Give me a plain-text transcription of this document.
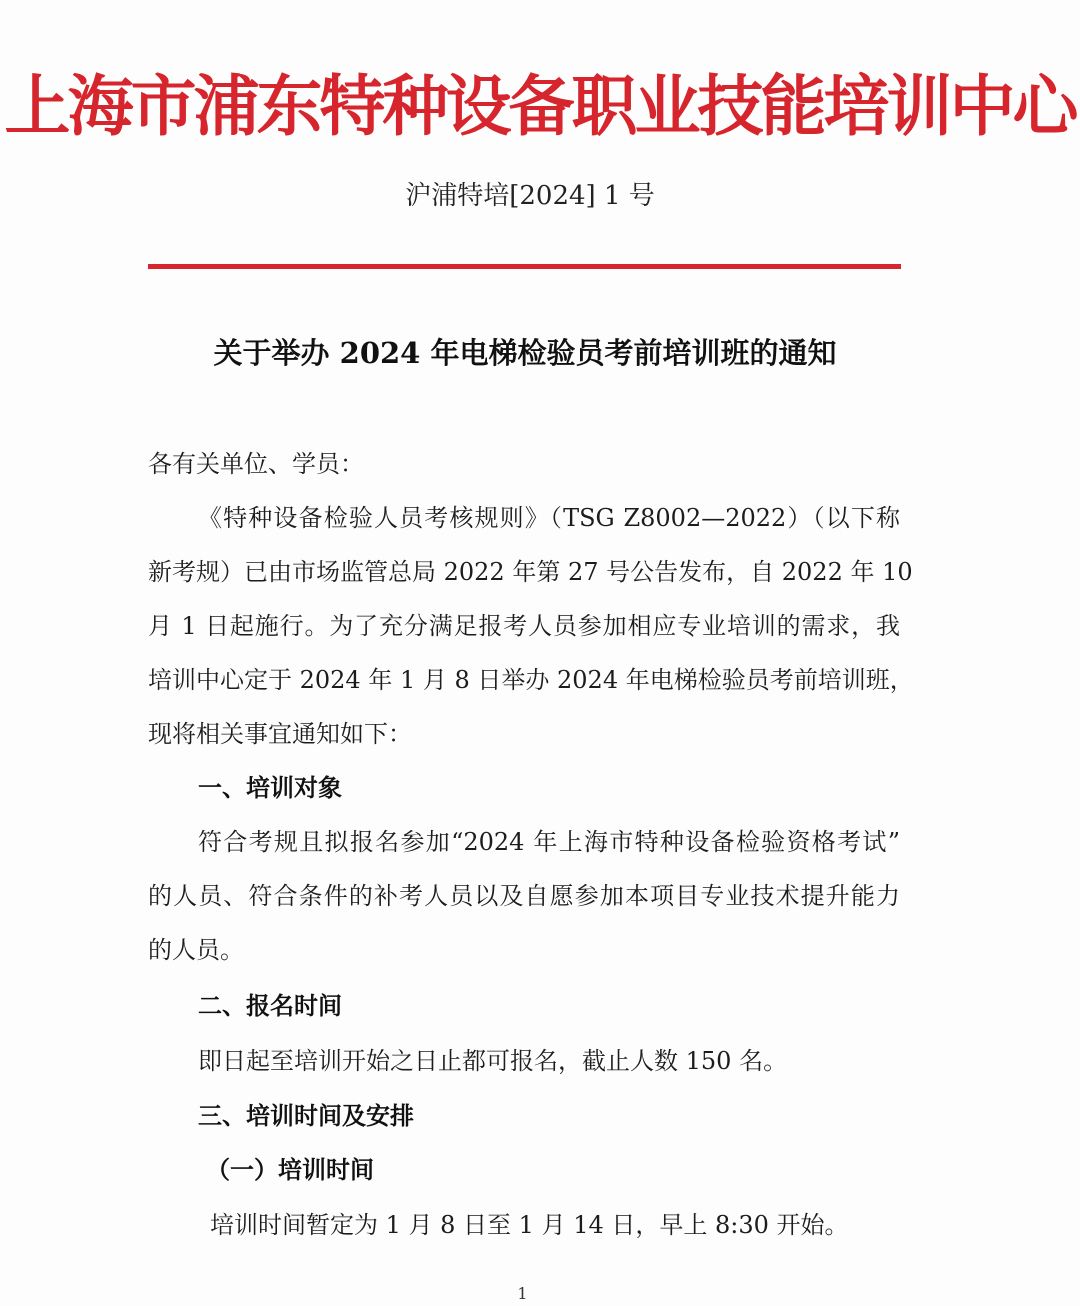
上海市浦东特种设备职业技能培训中心
沪浦特培[2024] 1 号
关于举办 2024 年电梯检验员考前培训班的通知
各有关单位、学员：
《特种设备检验人员考核规则》（TSG Z8002—2022）（以下称
新考规）已由市场监管总局 2022 年第 27 号公告发布，自 2022 年 10
月 1 日起施行。为了充分满足报考人员参加相应专业培训的需求，我
培训中心定于 2024 年 1 月 8 日举办 2024 年电梯检验员考前培训班，
现将相关事宜通知如下：
一、培训对象
符合考规且拟报名参加“2024 年上海市特种设备检验资格考试”
的人员、符合条件的补考人员以及自愿参加本项目专业技术提升能力
的人员。
二、报名时间
即日起至培训开始之日止都可报名，截止人数 150 名。
三、培训时间及安排
（一）培训时间
培训时间暂定为 1 月 8 日至 1 月 14 日，早上 8:30 开始。
1
